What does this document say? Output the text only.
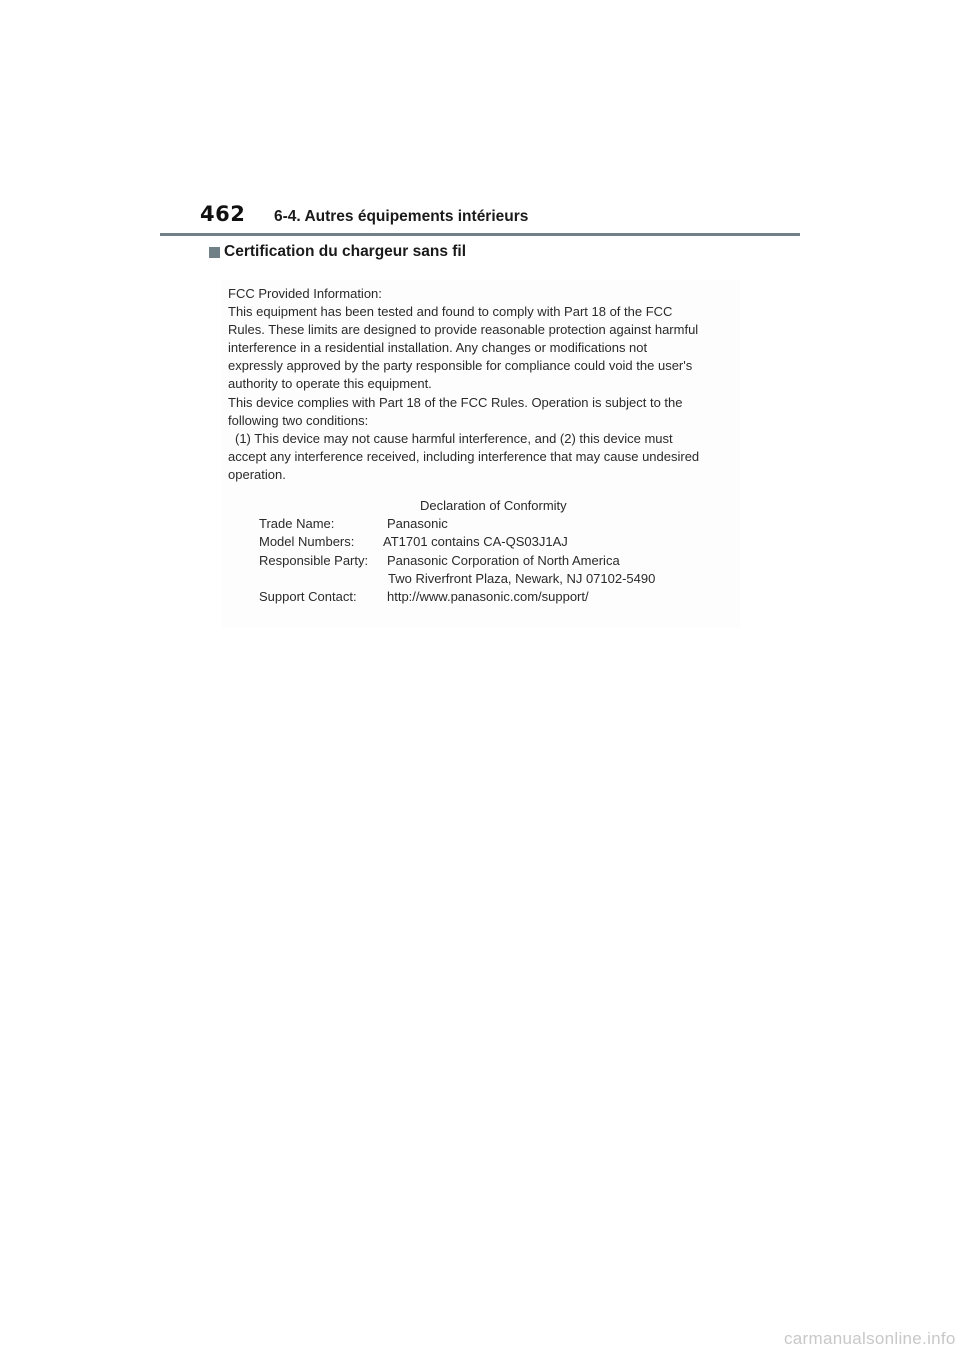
462 6-4. Autres équipements intérieurs
Certification du chargeur sans fil

FCC Provided Information:

This equipment has been tested and found to comply with Part 18 of the FCC

Rules. These limits are designed to provide reasonable protection against harmful

interference in a residential installation. Any changes or modifications not

expressly approved by the party responsible for compliance could void the user's

authority to operate this equipment.

This device complies with Part 18 of the FCC Rules. Operation is subject to the

following two conditions:

(1) This device may not cause harmful interference, and (2) this device must

accept any interference received, including interference that may cause undesired

operation.

Declaration of Conformity
Trade Name:	Panasonic
Model Numbers: AT1701 contains CA-QS03J1AJ
Responsible Party: Panasonic Corporation of North America
Two Riverfront Plaza, Newark, NJ 07102-5490
Support Contact: http://www.panasonic.com/support/
carmanualsonline.info
